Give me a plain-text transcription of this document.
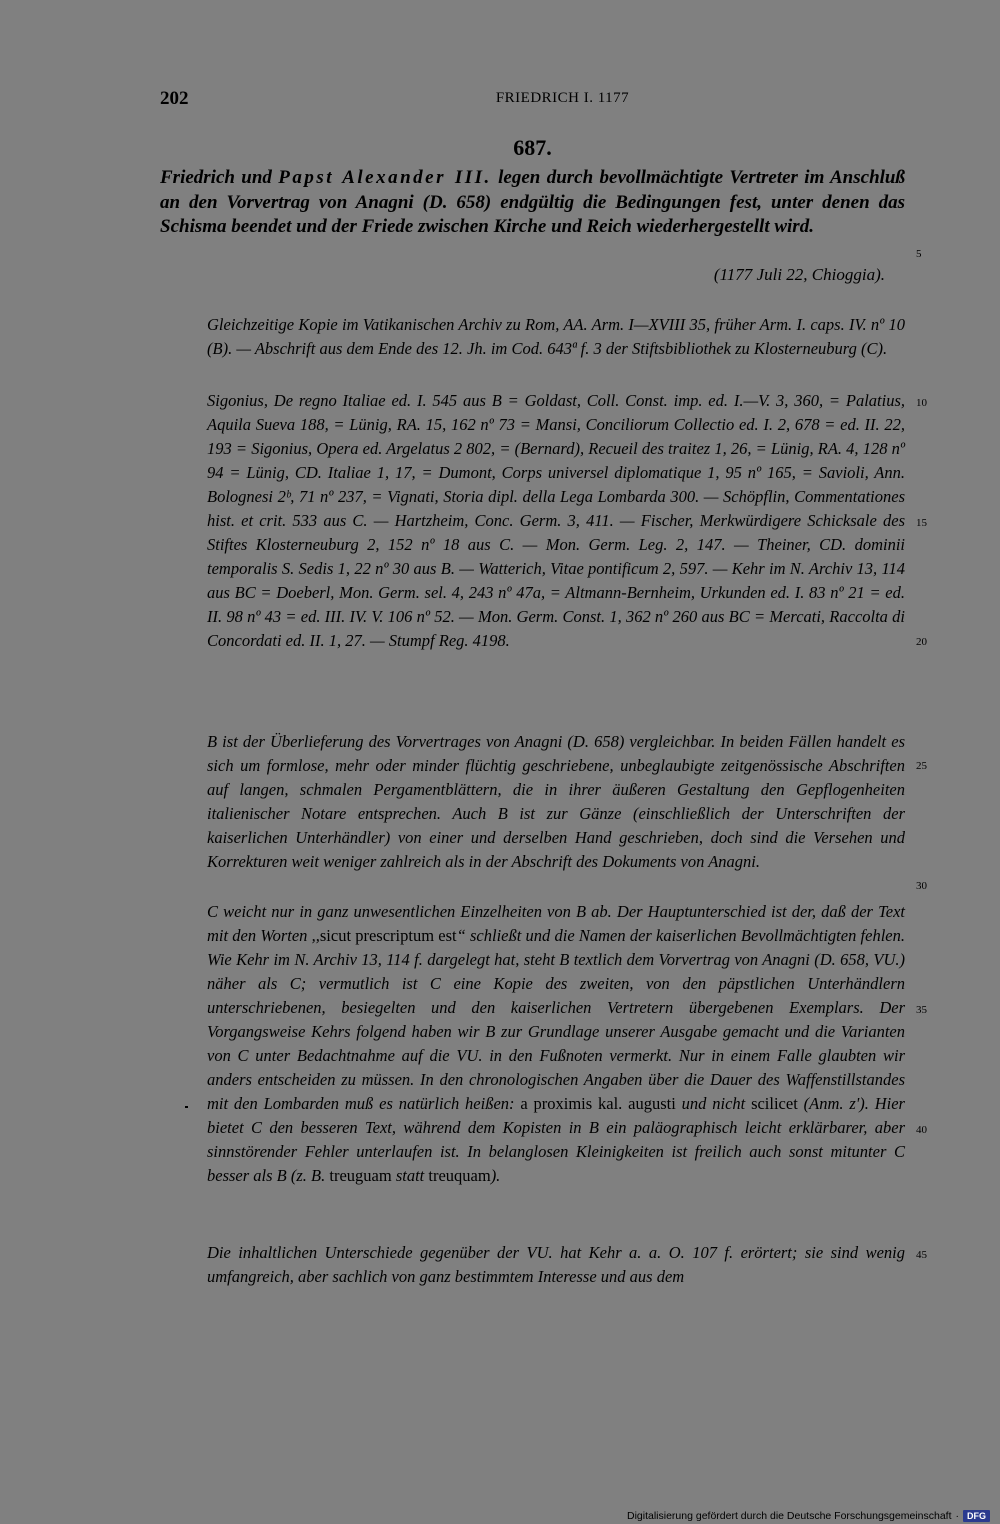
202	FRIEDRICH I. 1177
687.
Friedrich und Papst Alexander III. legen durch bevollmächtigte Vertreter im Anschluß an den Vorvertrag von Anagni (D. 658) endgültig die Bedingungen fest, unter denen das Schisma beendet und der Friede zwischen Kirche und Reich wiederhergestellt wird.
(1177 Juli 22, Chioggia).

Gleichzeitige Kopie im Vatikanischen Archiv zu Rom, AA. Arm. I—XVIII 35, früher Arm. I. caps. IV. nº 10 (B). — Abschrift aus dem Ende des 12. Jh. im Cod. 643ª f. 3 der Stiftsbibliothek zu Klosterneuburg (C).

Sigonius, De regno Italiae ed. I. 545 aus B = Goldast, Coll. Const. imp. ed. I.—V. 3, 360, = Palatius, Aquila Sueva 188, = Lünig, RA. 15, 162 nº 73 = Mansi, Conciliorum Collectio ed. I. 2, 678 = ed. II. 22, 193 = Sigonius, Opera ed. Argelatus 2 802, = (Bernard), Recueil des traitez 1, 26, = Lünig, RA. 4, 128 nº 94 = Lünig, CD. Italiae 1, 17, = Dumont, Corps universel diplomatique 1, 95 nº 165, = Savioli, Ann. Bolognesi 2ᵇ, 71 nº 237, = Vignati, Storia dipl. della Lega Lombarda 300. — Schöpflin, Commentationes hist. et crit. 533 aus C. — Hartzheim, Conc. Germ. 3, 411. — Fischer, Merkwürdigere Schicksale des Stiftes Klosterneuburg 2, 152 nº 18 aus C. — Mon. Germ. Leg. 2, 147. — Theiner, CD. dominii temporalis S. Sedis 1, 22 nº 30 aus B. — Watterich, Vitae pontificum 2, 597. — Kehr im N. Archiv 13, 114 aus BC = Doeberl, Mon. Germ. sel. 4, 243 nº 47a, = Altmann-Bernheim, Urkunden ed. I. 83 nº 21 = ed. II. 98 nº 43 = ed. III. IV. V. 106 nº 52. — Mon. Germ. Const. 1, 362 nº 260 aus BC = Mercati, Raccolta di Concordati ed. II. 1, 27. — Stumpf Reg. 4198.

B ist der Überlieferung des Vorvertrages von Anagni (D. 658) vergleichbar. In beiden Fällen handelt es sich um formlose, mehr oder minder flüchtig geschriebene, unbeglaubigte zeitgenössische Abschriften auf langen, schmalen Pergamentblättern, die in ihrer äußeren Gestaltung den Gepflogenheiten italienischer Notare entsprechen. Auch B ist zur Gänze (einschließlich der Unterschriften der kaiserlichen Unterhändler) von einer und derselben Hand geschrieben, doch sind die Versehen und Korrekturen weit weniger zahlreich als in der Abschrift des Dokuments von Anagni.

C weicht nur in ganz unwesentlichen Einzelheiten von B ab. Der Hauptunterschied ist der, daß der Text mit den Worten ,,sicut prescriptum est“ schließt und die Namen der kaiserlichen Bevollmächtigten fehlen. Wie Kehr im N. Archiv 13, 114 f. dargelegt hat, steht B textlich dem Vorvertrag von Anagni (D. 658, VU.) näher als C; vermutlich ist C eine Kopie des zweiten, von den päpstlichen Unterhändlern unterschriebenen, besiegelten und den kaiserlichen Vertretern übergebenen Exemplars. Der Vorgangsweise Kehrs folgend haben wir B zur Grundlage unserer Ausgabe gemacht und die Varianten von C unter Bedachtnahme auf die VU. in den Fußnoten vermerkt. Nur in einem Falle glaubten wir anders entscheiden zu müssen. In den chronologischen Angaben über die Dauer des Waffenstillstandes mit den Lombarden muß es natürlich heißen: a proximis kal. augusti und nicht scilicet (Anm. z'). Hier bietet C den besseren Text, während dem Kopisten in B ein paläographisch leicht erklärbarer, aber sinnstörender Fehler unterlaufen ist. In belanglosen Kleinigkeiten ist freilich auch sonst mitunter C besser als B (z. B. treuguam statt treuquam).

Die inhaltlichen Unterschiede gegenüber der VU. hat Kehr a. a. O. 107 f. erörtert; sie sind wenig umfangreich, aber sachlich von ganz bestimmtem Interesse und aus dem

5
10
15
20
25
30
35
40
45
Digitalisierung gefördert durch die Deutsche Forschungsgemeinschaft · DFG
